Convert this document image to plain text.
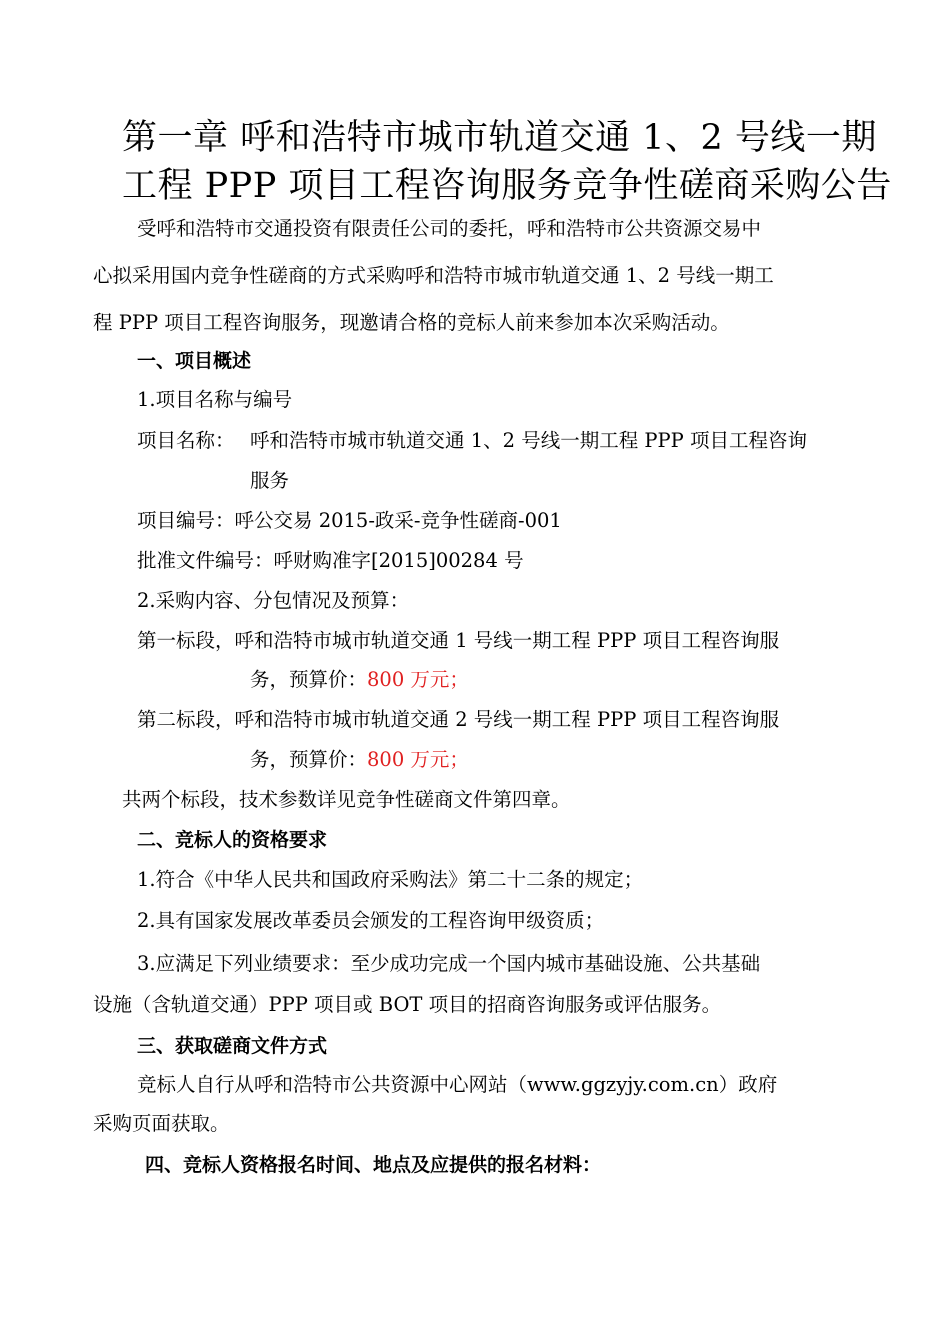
第一章 呼和浩特市城市轨道交通 1、2 号线一期
工程 PPP 项目工程咨询服务竞争性磋商采购公告
受呼和浩特市交通投资有限责任公司的委托，呼和浩特市公共资源交易中
心拟采用国内竞争性磋商的方式采购呼和浩特市城市轨道交通 1、2 号线一期工
程 PPP 项目工程咨询服务，现邀请合格的竞标人前来参加本次采购活动。
一、项目概述
1.项目名称与编号
项目名称： 呼和浩特市城市轨道交通 1、2 号线一期工程 PPP 项目工程咨询
服务
项目编号：呼公交易 2015-政采-竞争性磋商-001
批准文件编号：呼财购准字[2015]00284 号
2.采购内容、分包情况及预算：
第一标段，呼和浩特市城市轨道交通 1 号线一期工程 PPP 项目工程咨询服
务，预算价：800 万元；
第二标段，呼和浩特市城市轨道交通 2 号线一期工程 PPP 项目工程咨询服
务，预算价：800 万元；
共两个标段，技术参数详见竞争性磋商文件第四章。
二、竞标人的资格要求
1.符合《中华人民共和国政府采购法》第二十二条的规定；
2.具有国家发展改革委员会颁发的工程咨询甲级资质；
3.应满足下列业绩要求：至少成功完成一个国内城市基础设施、公共基础
设施（含轨道交通）PPP 项目或 BOT 项目的招商咨询服务或评估服务。
三、获取磋商文件方式
竞标人自行从呼和浩特市公共资源中心网站（www.ggzyjy.com.cn）政府
采购页面获取。
四、竞标人资格报名时间、地点及应提供的报名材料：
